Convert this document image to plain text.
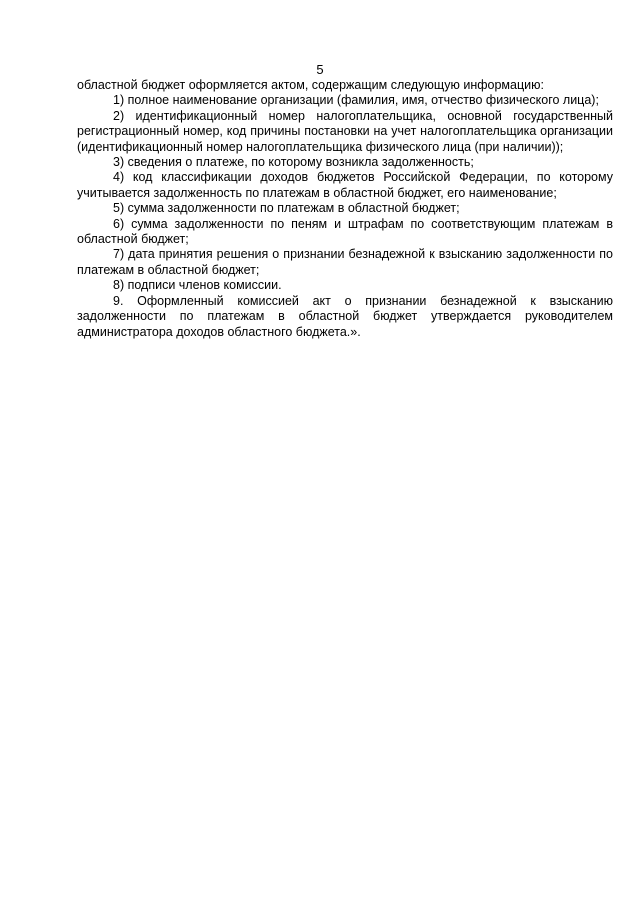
5

областной бюджет оформляется актом, содержащим следующую информацию:

1) полное наименование организации (фамилия, имя, отчество физического лица);

2) идентификационный номер налогоплательщика, основной государственный регистрационный номер, код причины постановки на учет налогоплательщика организации (идентификационный номер налогоплательщика физического лица (при наличии));

3) сведения о платеже, по которому возникла задолженность;

4) код классификации доходов бюджетов Российской Федерации, по которому учитывается задолженность по платежам в областной бюджет, его наименование;

5) сумма задолженности по платежам в областной бюджет;

6) сумма задолженности по пеням и штрафам по соответствующим платежам в областной бюджет;

7) дата принятия решения о признании безнадежной к взысканию задолженности по платежам в областной бюджет;

8) подписи членов комиссии.

9. Оформленный комиссией акт о признании безнадежной к взысканию задолженности по платежам в областной бюджет утверждается руководителем администратора доходов областного бюджета.».
